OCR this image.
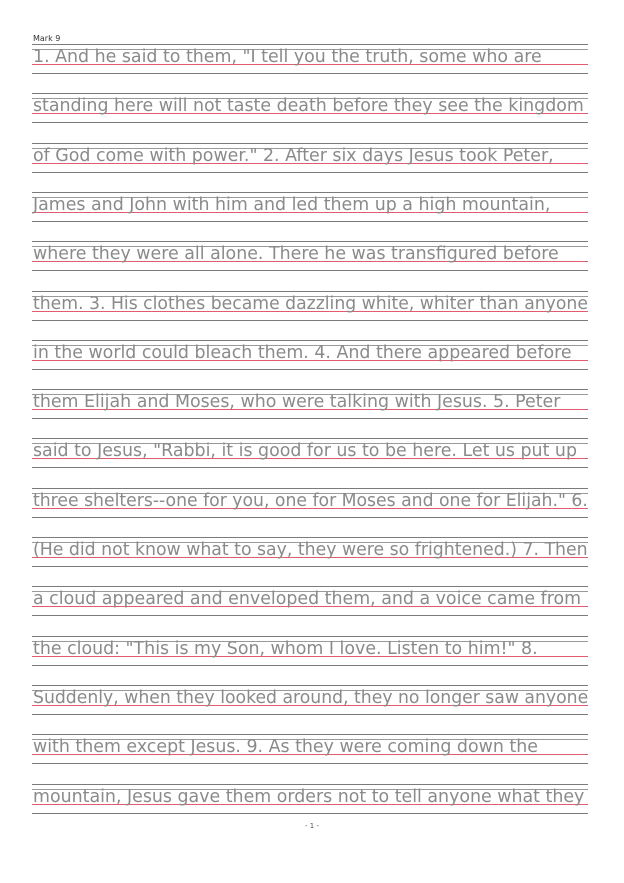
Mark 9
1. And he said to them, "I tell you the truth, some who are
standing here will not taste death before they see the kingdom
of God come with power." 2. After six days Jesus took Peter,
James and John with him and led them up a high mountain,
where they were all alone. There he was transfigured before
them. 3. His clothes became dazzling white, whiter than anyone
in the world could bleach them. 4. And there appeared before
them Elijah and Moses, who were talking with Jesus. 5. Peter
said to Jesus, "Rabbi, it is good for us to be here. Let us put up
three shelters--one for you, one for Moses and one for Elijah." 6.
(He did not know what to say, they were so frightened.) 7. Then
a cloud appeared and enveloped them, and a voice came from
the cloud: "This is my Son, whom I love. Listen to him!" 8.
Suddenly, when they looked around, they no longer saw anyone
with them except Jesus. 9. As they were coming down the
mountain, Jesus gave them orders not to tell anyone what they
- 1 -
